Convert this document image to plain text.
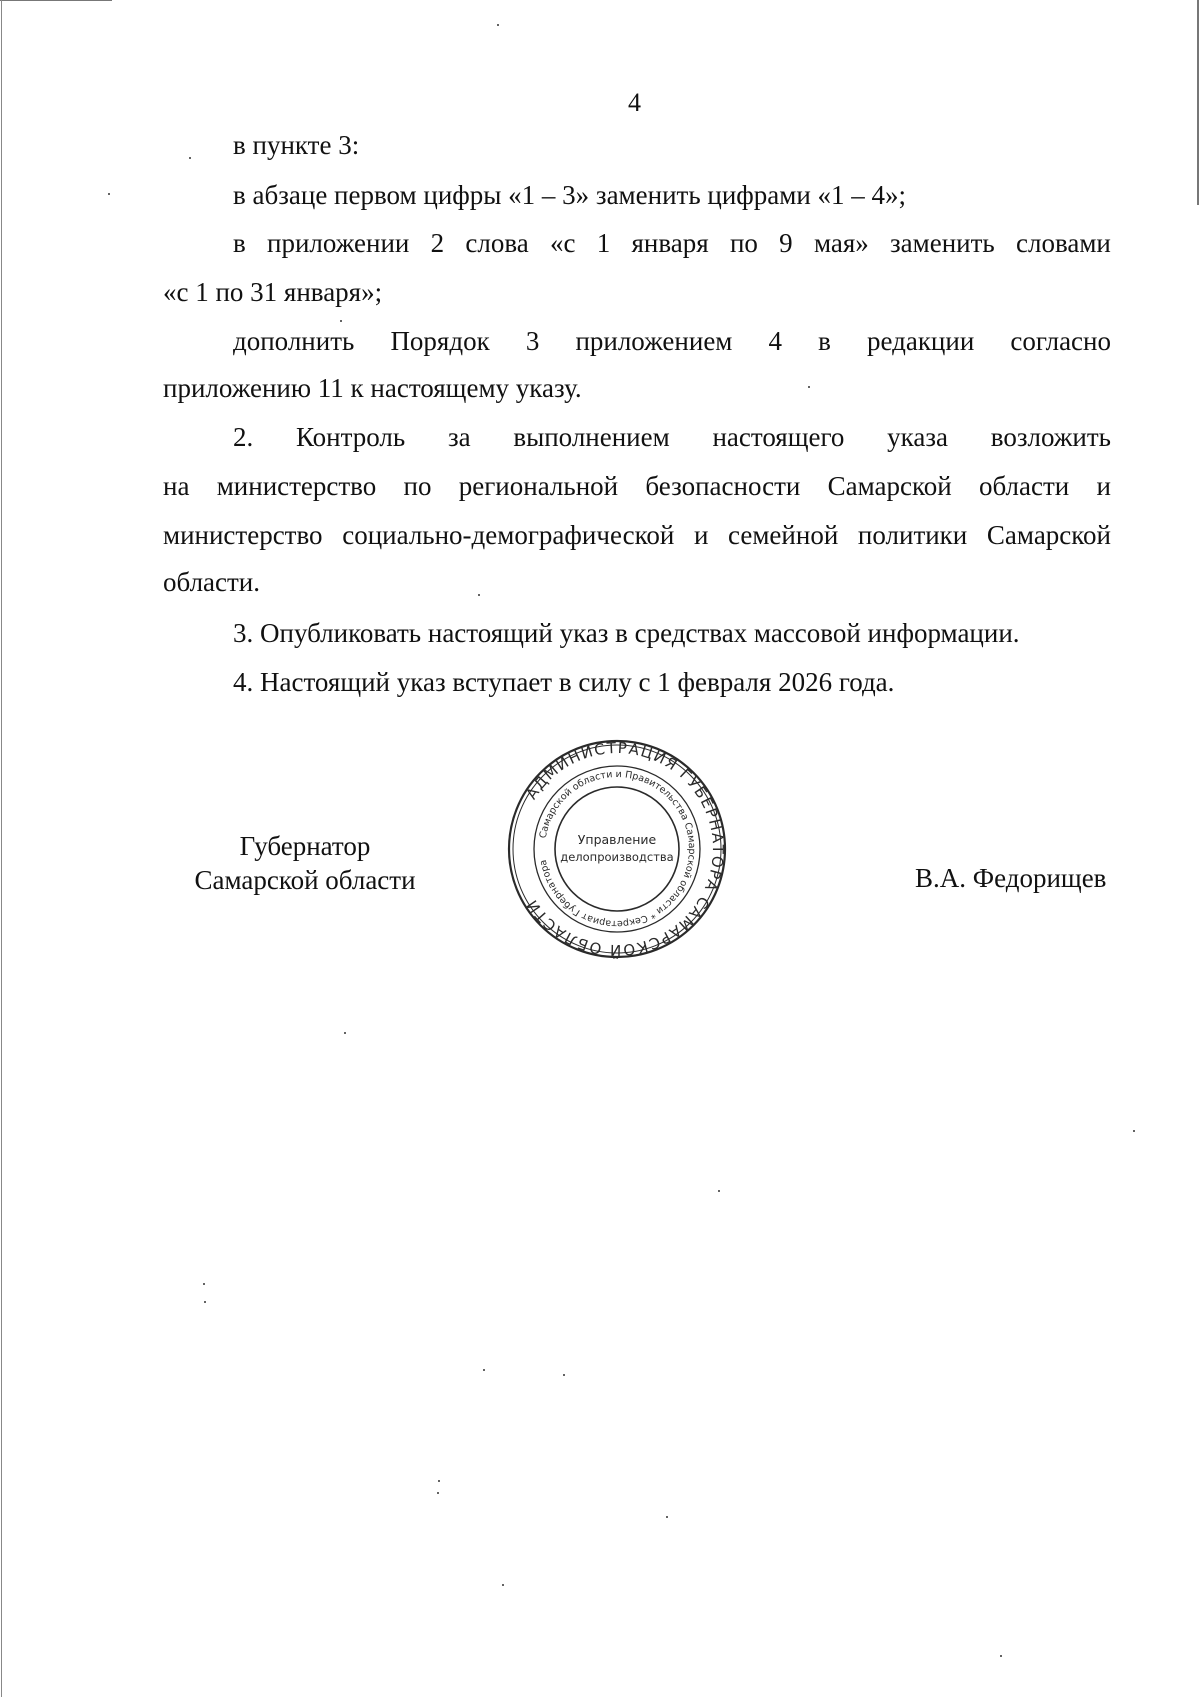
4
в пункте 3:
в абзаце первом цифры «1 – 3» заменить цифрами «1 – 4»;
в приложении 2 слова «с 1 января по 9 мая» заменить словами
«с 1 по 31 января»;
дополнить Порядок 3 приложением 4 в редакции согласно
приложению 11 к настоящему указу.
2. Контроль за выполнением настоящего указа возложить
на министерство по региональной безопасности Самарской области и
министерство социально-демографической и семейной политики Самарской
области.
3. Опубликовать настоящий указ в средствах массовой информации.
4. Настоящий указ вступает в силу с 1 февраля 2026 года.
Губернатор
Самарской области
АДМИНИСТРАЦИЯ ГУБЕРНАТОРА САМАРСКОЙ ОБЛАСТИ
Самарской области и Правительства Самарской области * Секретариат Губернатора
Управление
делопроизводства
В.А. Федорищев
